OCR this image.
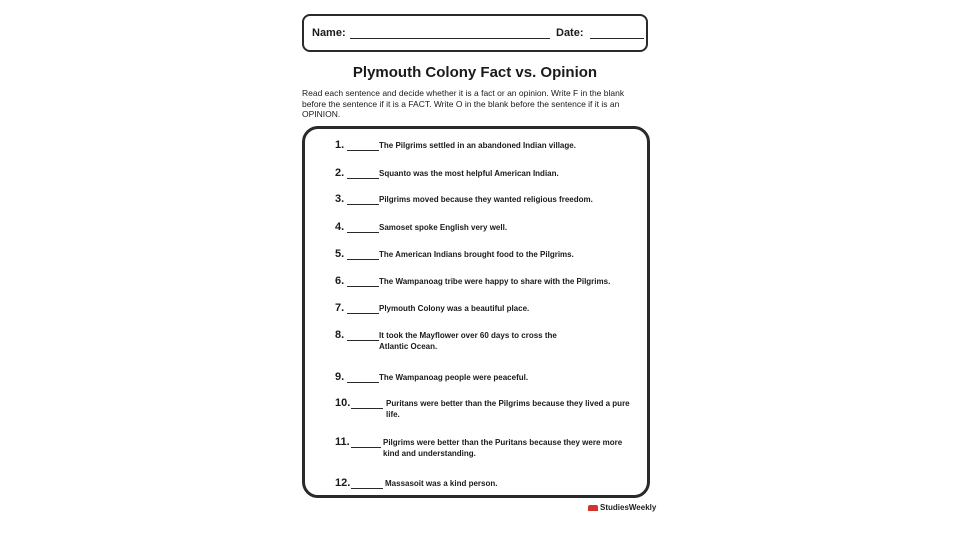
Name:	Date:
Plymouth Colony Fact vs. Opinion
Read each sentence and decide whether it is a fact or an opinion. Write F in the blank before the sentence if it is a FACT. Write O in the blank before the sentence if it is an OPINION.
1.	The Pilgrims settled in an abandoned Indian village.
2.	Squanto was the most helpful American Indian.
3.	Pilgrims moved because they wanted religious freedom.
4.	Samoset spoke English very well.
5.	The American Indians brought food to the Pilgrims.
6.	The Wampanoag tribe were happy to share with the Pilgrims.
7.	Plymouth Colony was a beautiful place.
8.	It took the Mayflower over 60 days to cross the Atlantic Ocean.
9.	The Wampanoag people were peaceful.
10.	Puritans were better than the Pilgrims because they lived a pure life.
11.	Pilgrims were better than the Puritans because they were more kind and understanding.
12.	Massasoit was a kind person.
StudiesWeekly
